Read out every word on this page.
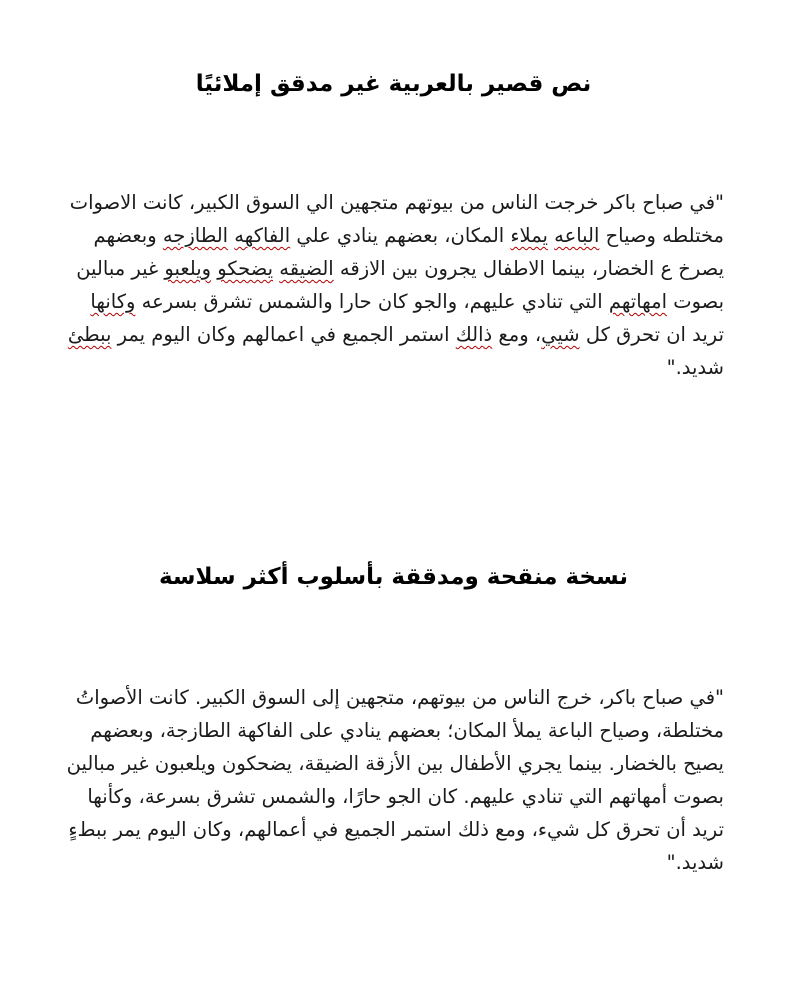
نص قصير بالعربية غير مدقق إملائيًا

"في صباح باكر خرجت الناس من بيوتهم متجهين الي السوق الكبير، كانت الاصوات مختلطه وصياح الباعه يملاء المكان، بعضهم ينادي علي الفاكهه الطازجه وبعضهم يصرخ ع الخضار، بينما الاطفال يجرون بين الازقه الضيقه يضحكو ويلعبو غير مبالين بصوت امهاتهم التي تنادي عليهم، والجو كان حارا والشمس تشرق بسرعه وكانها تريد ان تحرق كل شيي، ومع ذالك استمر الجميع في اعمالهم وكان اليوم يمر ببطئ شديد."

نسخة منقحة ومدققة بأسلوب أكثر سلاسة

"في صباح باكر، خرج الناس من بيوتهم، متجهين إلى السوق الكبير. كانت الأصواتُ مختلطة، وصياح الباعة يملأ المكان؛ بعضهم ينادي على الفاكهة الطازجة، وبعضهم يصيح بالخضار. بينما يجري الأطفال بين الأزقة الضيقة، يضحكون ويلعبون غير مبالين بصوت أمهاتهم التي تنادي عليهم. كان الجو حارًا، والشمس تشرق بسرعة، وكأنها تريد أن تحرق كل شيء، ومع ذلك استمر الجميع في أعمالهم، وكان اليوم يمر ببطءٍ شديد."
